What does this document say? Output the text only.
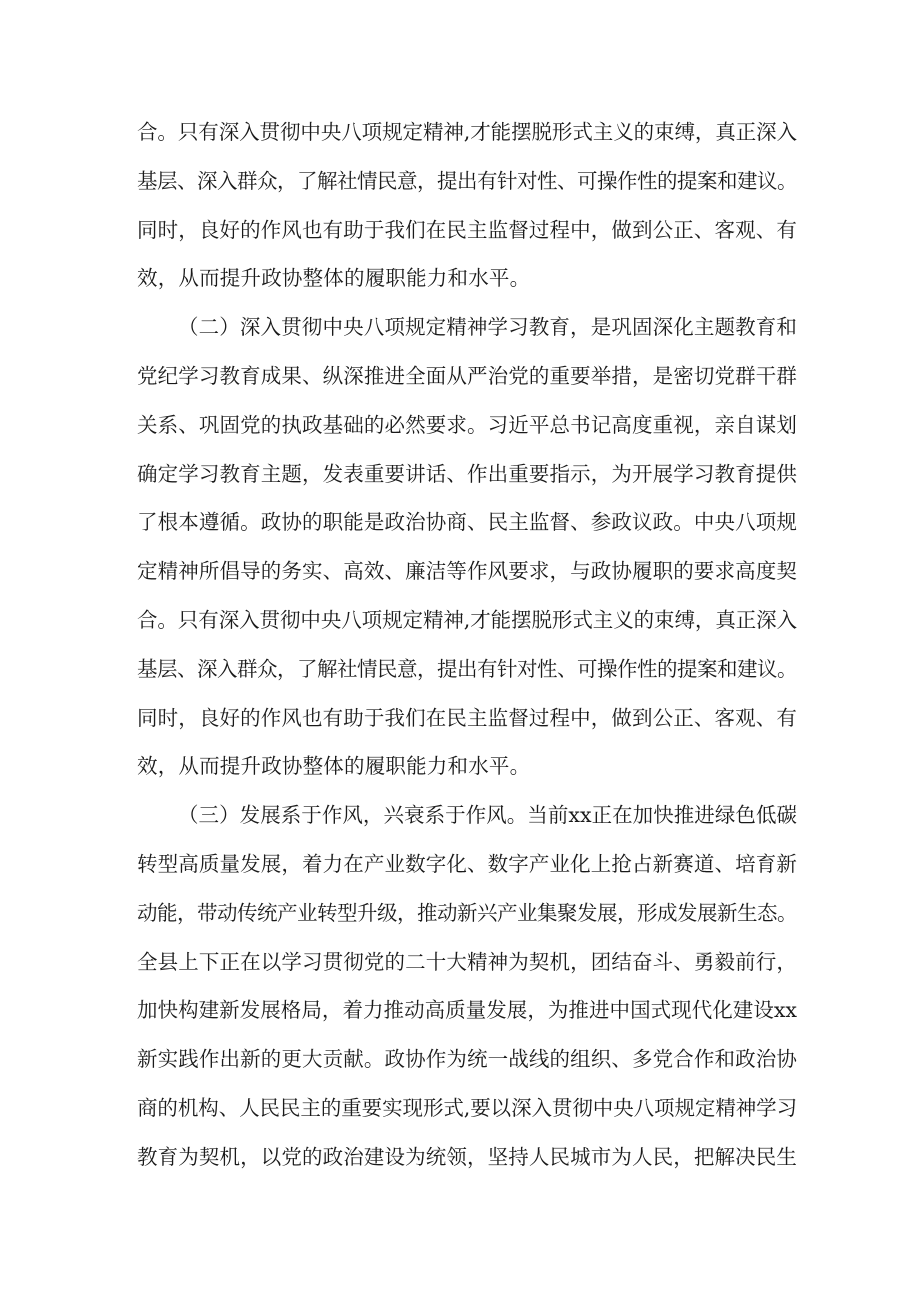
合。只有深入贯彻中央八项规定精神,才能摆脱形式主义的束缚，真正深入
基层、深入群众，了解社情民意，提出有针对性、可操作性的提案和建议。
同时，良好的作风也有助于我们在民主监督过程中，做到公正、客观、有
效，从而提升政协整体的履职能力和水平。
（二）深入贯彻中央八项规定精神学习教育，是巩固深化主题教育和
党纪学习教育成果、纵深推进全面从严治党的重要举措，是密切党群干群
关系、巩固党的执政基础的必然要求。习近平总书记高度重视，亲自谋划
确定学习教育主题，发表重要讲话、作出重要指示，为开展学习教育提供
了根本遵循。政协的职能是政治协商、民主监督、参政议政。中央八项规
定精神所倡导的务实、高效、廉洁等作风要求，与政协履职的要求高度契
合。只有深入贯彻中央八项规定精神,才能摆脱形式主义的束缚，真正深入
基层、深入群众，了解社情民意，提出有针对性、可操作性的提案和建议。
同时，良好的作风也有助于我们在民主监督过程中，做到公正、客观、有
效，从而提升政协整体的履职能力和水平。
（三）发展系于作风，兴衰系于作风。当前xx正在加快推进绿色低碳
转型高质量发展，着力在产业数字化、数字产业化上抢占新赛道、培育新
动能，带动传统产业转型升级，推动新兴产业集聚发展，形成发展新生态。
全县上下正在以学习贯彻党的二十大精神为契机，团结奋斗、勇毅前行，
加快构建新发展格局，着力推动高质量发展，为推进中国式现代化建设xx
新实践作出新的更大贡献。政协作为统一战线的组织、多党合作和政治协
商的机构、人民民主的重要实现形式,要以深入贯彻中央八项规定精神学习
教育为契机，以党的政治建设为统领，坚持人民城市为人民，把解决民生
